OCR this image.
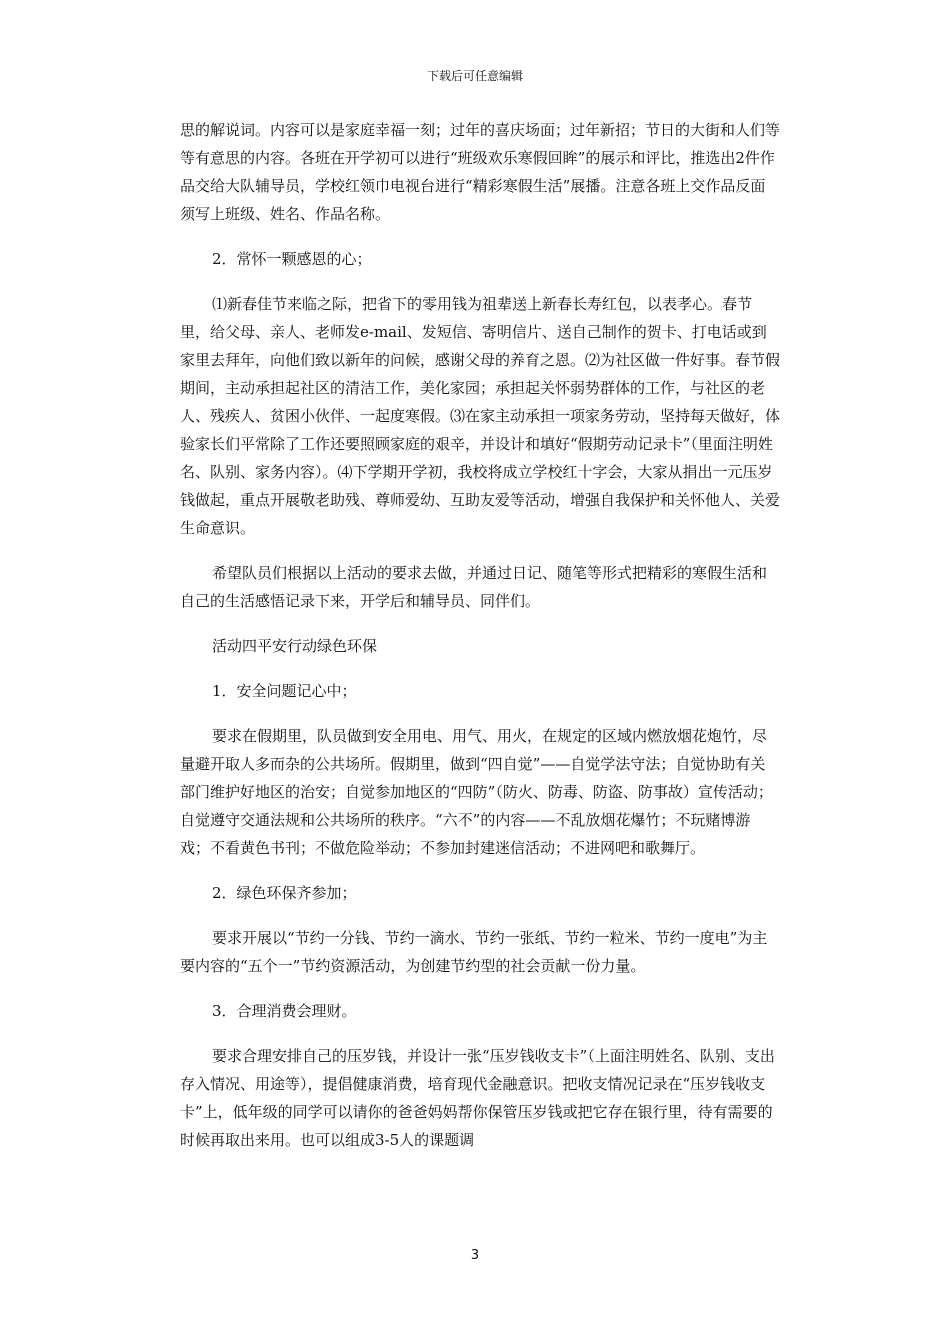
下载后可任意编辑

思的解说词。内容可以是家庭幸福一刻；过年的喜庆场面；过年新招；节日的大街和人们等等有意思的内容。各班在开学初可以进行“班级欢乐寒假回眸”的展示和评比，推选出2件作品交给大队辅导员，学校红领巾电视台进行“精彩寒假生活”展播。注意各班上交作品反面须写上班级、姓名、作品名称。

2．常怀一颗感恩的心；

⑴新春佳节来临之际，把省下的零用钱为祖辈送上新春长寿红包，以表孝心。春节里，给父母、亲人、老师发e-mail、发短信、寄明信片、送自己制作的贺卡、打电话或到家里去拜年，向他们致以新年的问候，感谢父母的养育之恩。⑵为社区做一件好事。春节假期间，主动承担起社区的清洁工作，美化家园；承担起关怀弱势群体的工作，与社区的老人、残疾人、贫困小伙伴、一起度寒假。⑶在家主动承担一项家务劳动，坚持每天做好，体验家长们平常除了工作还要照顾家庭的艰辛，并设计和填好“假期劳动记录卡”（里面注明姓名、队别、家务内容）。⑷下学期开学初，我校将成立学校红十字会，大家从捐出一元压岁钱做起，重点开展敬老助残、尊师爱幼、互助友爱等活动，增强自我保护和关怀他人、关爱生命意识。

希望队员们根据以上活动的要求去做，并通过日记、随笔等形式把精彩的寒假生活和自己的生活感悟记录下来，开学后和辅导员、同伴们。

活动四平安行动绿色环保

1．安全问题记心中；

要求在假期里，队员做到安全用电、用气、用火，在规定的区域内燃放烟花炮竹，尽量避开取人多而杂的公共场所。假期里，做到“四自觉”——自觉学法守法；自觉协助有关部门维护好地区的治安；自觉参加地区的“四防”（防火、防毒、防盗、防事故）宣传活动；自觉遵守交通法规和公共场所的秩序。“六不”的内容——不乱放烟花爆竹；不玩赌博游戏；不看黄色书刊；不做危险举动；不参加封建迷信活动；不进网吧和歌舞厅。

2．绿色环保齐参加；

要求开展以“节约一分钱、节约一滴水、节约一张纸、节约一粒米、节约一度电”为主要内容的“五个一”节约资源活动，为创建节约型的社会贡献一份力量。

3．合理消费会理财。

要求合理安排自己的压岁钱，并设计一张“压岁钱收支卡”（上面注明姓名、队别、支出存入情况、用途等），提倡健康消费，培育现代金融意识。把收支情况记录在“压岁钱收支卡”上，低年级的同学可以请你的爸爸妈妈帮你保管压岁钱或把它存在银行里，待有需要的时候再取出来用。也可以组成3-5人的课题调

3
